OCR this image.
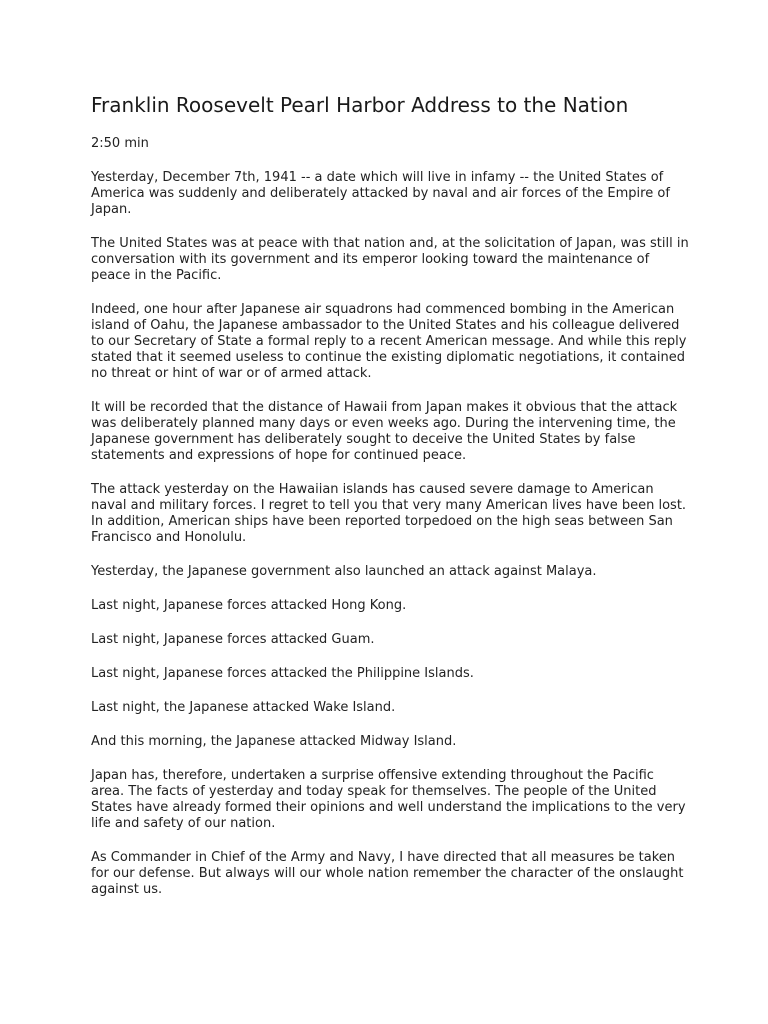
Franklin Roosevelt Pearl Harbor Address to the Nation

2:50 min

Yesterday, December 7th, 1941 -- a date which will live in infamy -- the United States of America was suddenly and deliberately attacked by naval and air forces of the Empire of Japan.

The United States was at peace with that nation and, at the solicitation of Japan, was still in conversation with its government and its emperor looking toward the maintenance of peace in the Pacific.

Indeed, one hour after Japanese air squadrons had commenced bombing in the American island of Oahu, the Japanese ambassador to the United States and his colleague delivered to our Secretary of State a formal reply to a recent American message. And while this reply stated that it seemed useless to continue the existing diplomatic negotiations, it contained no threat or hint of war or of armed attack.

It will be recorded that the distance of Hawaii from Japan makes it obvious that the attack was deliberately planned many days or even weeks ago. During the intervening time, the Japanese government has deliberately sought to deceive the United States by false statements and expressions of hope for continued peace.

The attack yesterday on the Hawaiian islands has caused severe damage to American naval and military forces. I regret to tell you that very many American lives have been lost. In addition, American ships have been reported torpedoed on the high seas between San Francisco and Honolulu.

Yesterday, the Japanese government also launched an attack against Malaya.

Last night, Japanese forces attacked Hong Kong.

Last night, Japanese forces attacked Guam.

Last night, Japanese forces attacked the Philippine Islands.

Last night, the Japanese attacked Wake Island.

And this morning, the Japanese attacked Midway Island.

Japan has, therefore, undertaken a surprise offensive extending throughout the Pacific area. The facts of yesterday and today speak for themselves. The people of the United States have already formed their opinions and well understand the implications to the very life and safety of our nation.

As Commander in Chief of the Army and Navy, I have directed that all measures be taken for our defense. But always will our whole nation remember the character of the onslaught against us.
